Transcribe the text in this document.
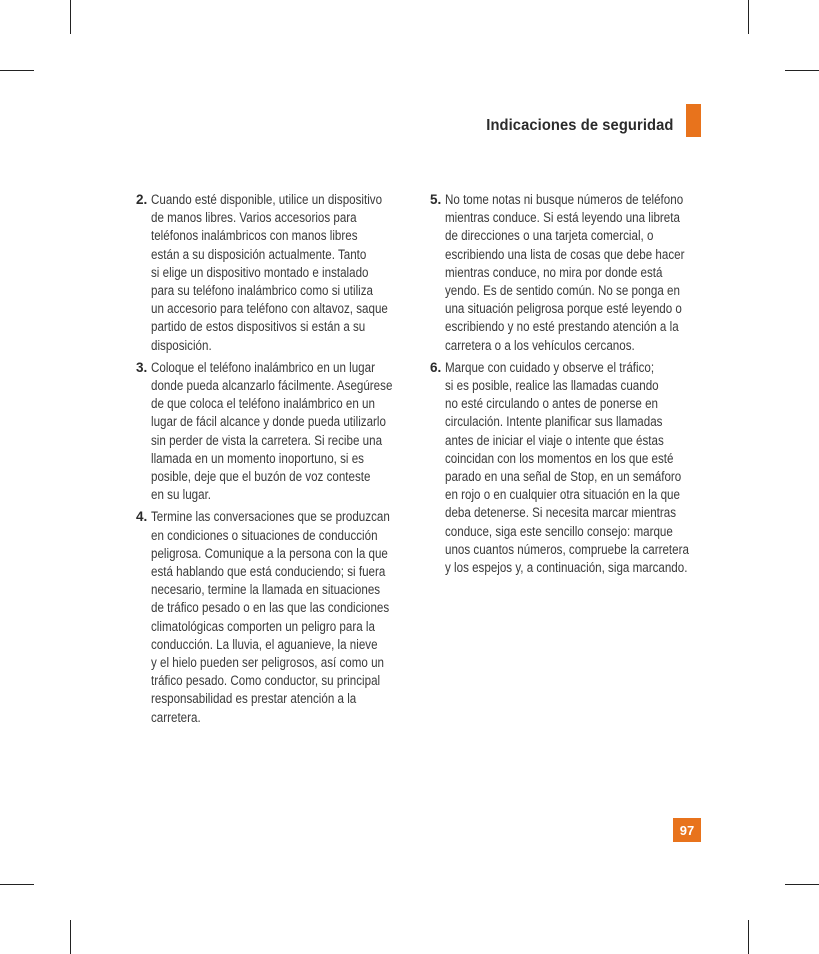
Indicaciones de seguridad
2. Cuando esté disponible, utilice un dispositivo
de manos libres. Varios accesorios para
teléfonos inalámbricos con manos libres
están a su disposición actualmente. Tanto
si elige un dispositivo montado e instalado
para su teléfono inalámbrico como si utiliza
un accesorio para teléfono con altavoz, saque
partido de estos dispositivos si están a su
disposición.
3. Coloque el teléfono inalámbrico en un lugar
donde pueda alcanzarlo fácilmente. Asegúrese
de que coloca el teléfono inalámbrico en un
lugar de fácil alcance y donde pueda utilizarlo
sin perder de vista la carretera. Si recibe una
llamada en un momento inoportuno, si es
posible, deje que el buzón de voz conteste
en su lugar.
4. Termine las conversaciones que se produzcan
en condiciones o situaciones de conducción
peligrosa. Comunique a la persona con la que
está hablando que está conduciendo; si fuera
necesario, termine la llamada en situaciones
de tráfico pesado o en las que las condiciones
climatológicas comporten un peligro para la
conducción. La lluvia, el aguanieve, la nieve
y el hielo pueden ser peligrosos, así como un
tráfico pesado. Como conductor, su principal
responsabilidad es prestar atención a la
carretera.
5. No tome notas ni busque números de teléfono
mientras conduce. Si está leyendo una libreta
de direcciones o una tarjeta comercial, o
escribiendo una lista de cosas que debe hacer
mientras conduce, no mira por donde está
yendo. Es de sentido común. No se ponga en
una situación peligrosa porque esté leyendo o
escribiendo y no esté prestando atención a la
carretera o a los vehículos cercanos.
6. Marque con cuidado y observe el tráfico;
si es posible, realice las llamadas cuando
no esté circulando o antes de ponerse en
circulación. Intente planificar sus llamadas
antes de iniciar el viaje o intente que éstas
coincidan con los momentos en los que esté
parado en una señal de Stop, en un semáforo
en rojo o en cualquier otra situación en la que
deba detenerse. Si necesita marcar mientras
conduce, siga este sencillo consejo: marque
unos cuantos números, compruebe la carretera
y los espejos y, a continuación, siga marcando.
97
